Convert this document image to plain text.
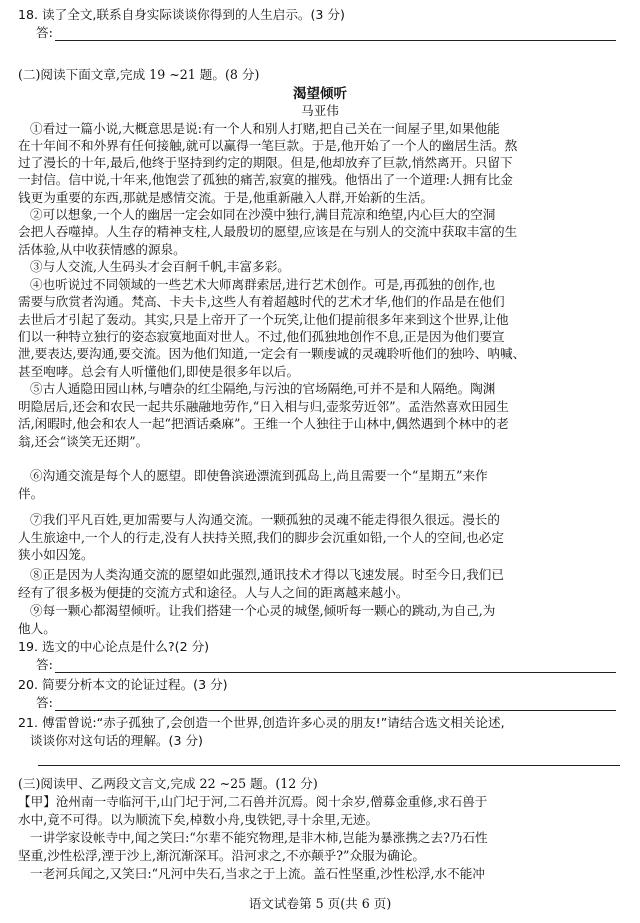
18. 读了全文,联系自身实际谈谈你得到的人生启示。(3 分)
答:
(二)阅读下面文章,完成 19 ~21 题。(8 分)
渴望倾听
马亚伟
①看过一篇小说,大概意思是说:有一个人和别人打赌,把自己关在一间屋子里,如果他能
在十年间不和外界有任何接触,就可以赢得一笔巨款。于是,他开始了一个人的幽居生活。熬
过了漫长的十年,最后,他终于坚持到约定的期限。但是,他却放弃了巨款,悄然离开。只留下
一封信。信中说,十年来,他饱尝了孤独的痛苦,寂寞的摧残。他悟出了一个道理:人拥有比金
钱更为重要的东西,那就是感情交流。于是,他重新融入人群,开始新的生活。
②可以想象,一个人的幽居一定会如同在沙漠中独行,满目荒凉和绝望,内心巨大的空洞
会把人吞噬掉。人生存的精神支柱,人最殷切的愿望,应该是在与别人的交流中获取丰富的生
活体验,从中收获情感的源泉。
③与人交流,人生码头才会百舸千帆,丰富多彩。
④也听说过不同领域的一些艺术大师离群索居,进行艺术创作。可是,再孤独的创作,也
需要与欣赏者沟通。梵高、卡夫卡,这些人有着超越时代的艺术才华,他们的作品是在他们
去世后才引起了轰动。其实,只是上帝开了一个玩笑,让他们提前很多年来到这个世界,让他
们以一种特立独行的姿态寂寞地面对世人。不过,他们孤独地创作不息,正是因为他们要宣
泄,要表达,要沟通,要交流。因为他们知道,一定会有一颗虔诚的灵魂聆听他们的独吟、呐喊、
甚至咆哮。总会有人听懂他们,即使是很多年以后。
⑤古人遁隐田园山林,与嘈杂的红尘隔绝,与污浊的官场隔绝,可并不是和人隔绝。陶渊
明隐居后,还会和农民一起共乐融融地劳作,“日入相与归,壶浆劳近邻”。孟浩然喜欢田园生
活,闲暇时,他会和农人一起“把酒话桑麻”。王维一个人独往于山林中,偶然遇到个林中的老
翁,还会“谈笑无还期”。
⑥沟通交流是每个人的愿望。即使鲁滨逊漂流到孤岛上,尚且需要一个“星期五”来作
伴。
⑦我们平凡百姓,更加需要与人沟通交流。一颗孤独的灵魂不能走得很久很远。漫长的
人生旅途中,一个人的行走,没有人扶持关照,我们的脚步会沉重如铅,一个人的空间,也必定
狭小如囚笼。
⑧正是因为人类沟通交流的愿望如此强烈,通讯技术才得以飞速发展。时至今日,我们已
经有了很多极为便捷的交流方式和途径。人与人之间的距离越来越小。
⑨每一颗心都渴望倾听。让我们搭建一个心灵的城堡,倾听每一颗心的跳动,为自己,为
他人。
19. 选文的中心论点是什么?(2 分)
答:
20. 简要分析本文的论证过程。(3 分)
答:
21. 傅雷曾说:“赤子孤独了,会创造一个世界,创造许多心灵的朋友!”请结合选文相关论述,
谈谈你对这句话的理解。(3 分)
(三)阅读甲、乙两段文言文,完成 22 ~25 题。(12 分)
【甲】沧州南一寺临河干,山门圮于河,二石兽并沉焉。阅十余岁,僧募金重修,求石兽于
水中,竟不可得。以为顺流下矣,棹数小舟,曳铁钯,寻十余里,无迹。
一讲学家设帐寺中,闻之笑曰:“尔辈不能究物理,是非木柿,岂能为暴涨携之去?乃石性
坚重,沙性松浮,湮于沙上,渐沉渐深耳。沿河求之,不亦颠乎?”众服为确论。
一老河兵闻之,又笑曰:“凡河中失石,当求之于上流。盖石性坚重,沙性松浮,水不能冲
语文试卷第 5 页(共 6 页)
